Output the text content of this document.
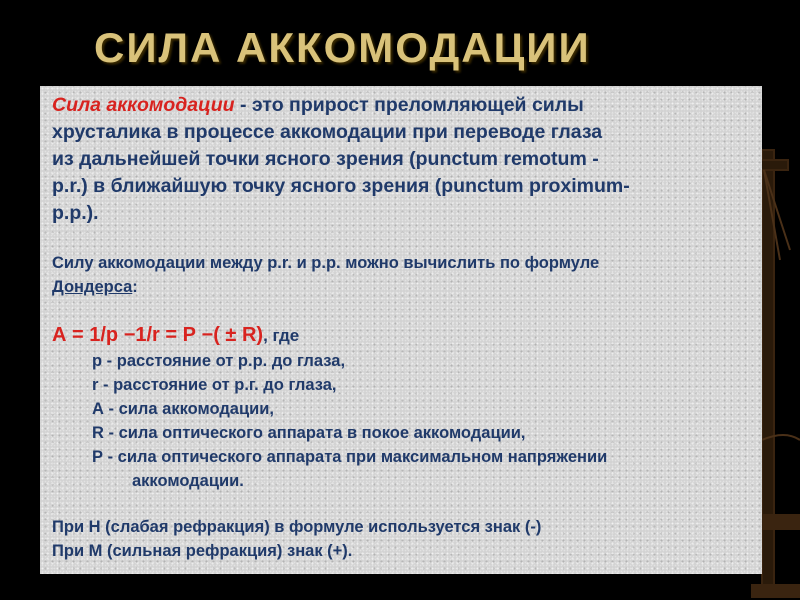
СИЛА АККОМОДАЦИИ
Сила аккомодации - это прирост преломляющей силы
хрусталика в процессе аккомодации при переводе глаза
из дальнейшей точки ясного зрения (punctum remotum -
p.r.) в ближайшую точку ясного зрения (punctum proximum-
p.p.).
Силу аккомодации между p.r. и p.p. можно вычислить по формуле
Дондерса:
А = 1/р −1/r = Р −( ± R), где
р - расстояние от р.р. до глаза,
r - расстояние от р.г. до глаза,
А - сила аккомодации,
R - сила оптического аппарата в покое аккомодации,
Р - сила оптического аппарата при максимальном напряжении
аккомодации.
При Н (слабая рефракция) в формуле используется знак (-)
При М (сильная рефракция) знак (+).
